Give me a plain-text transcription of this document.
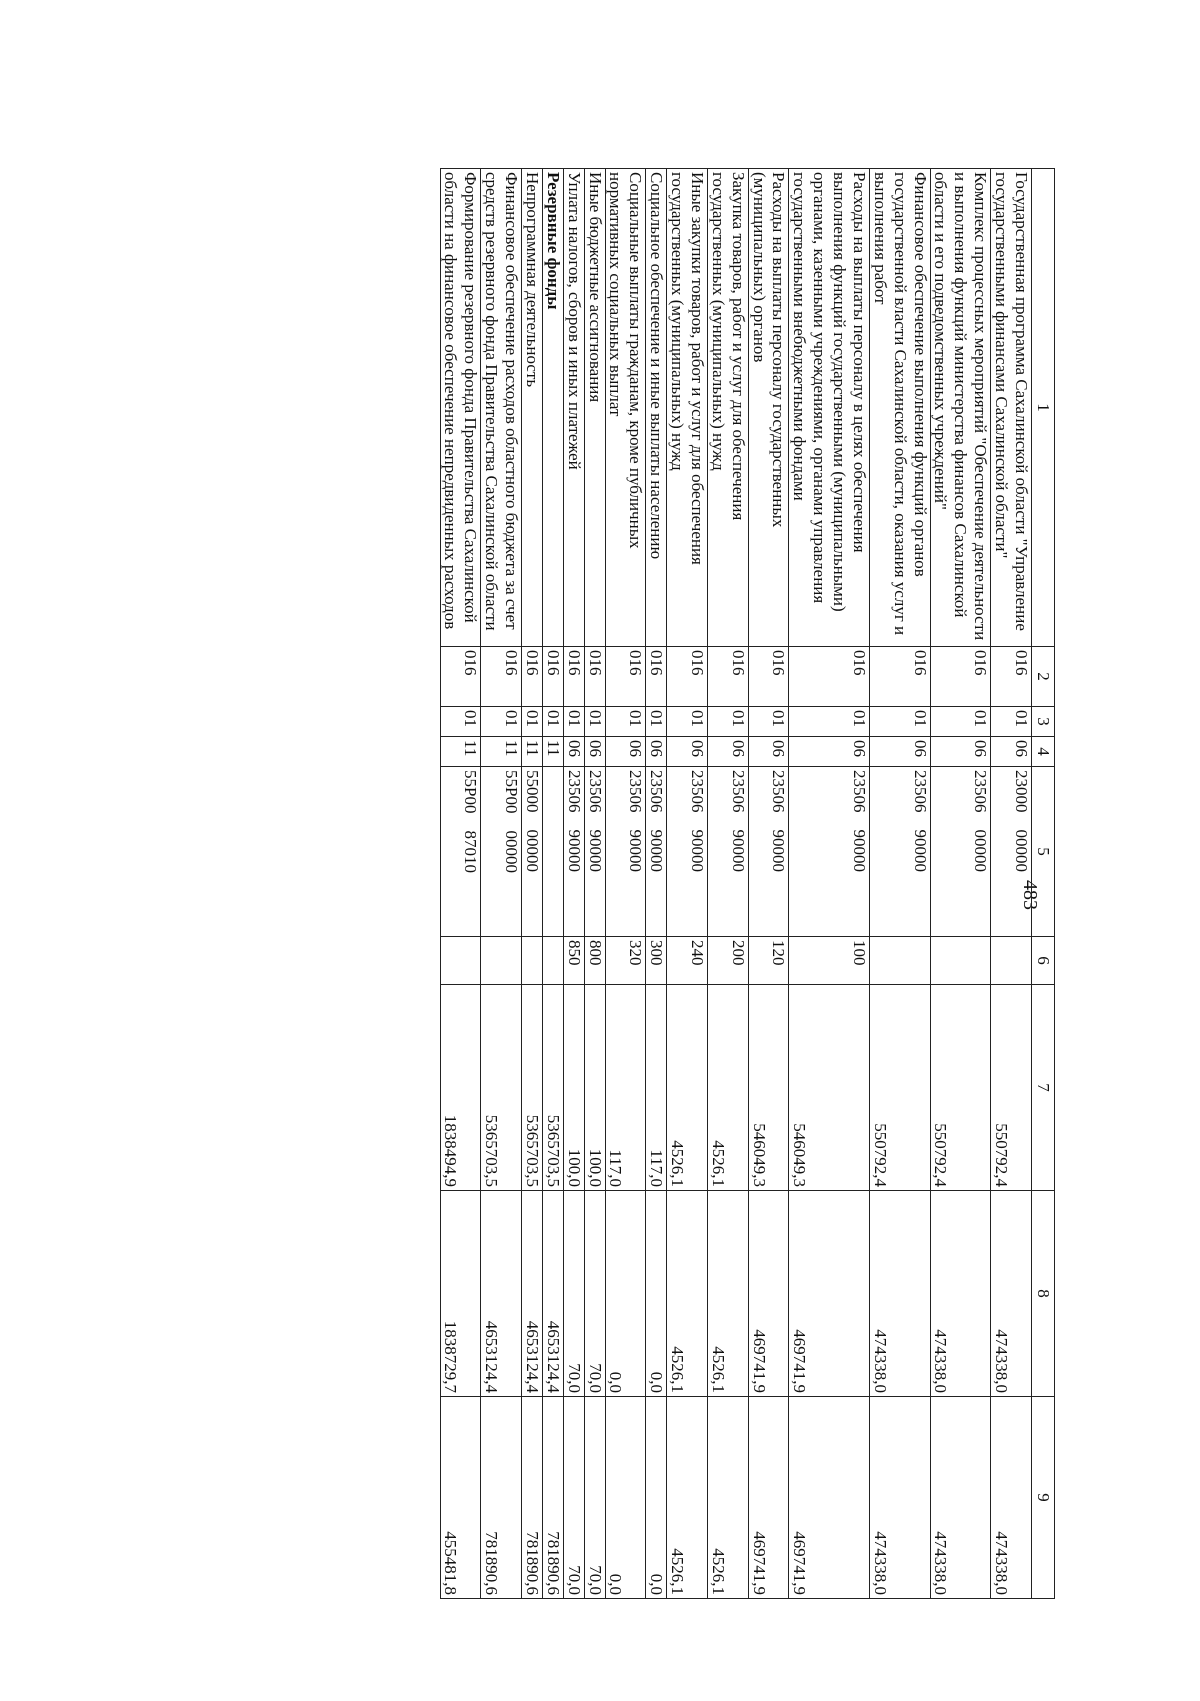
483
1	2	3	4	5	6	7	8	9
Государственная программа Сахалинской области "Управление государственными финансами Сахалинской области"	016	01	06	23000    00000		550792,4	474338,0	474338,0
Комплекс процессных мероприятий "Обеспечение деятельности и выполнения функций министерства финансов Сахалинской области и его подведомственных учреждений"	016	01	06	23506    00000		550792,4	474338,0	474338,0
Финансовое обеспечение выполнения функций органов государственной власти Сахалинской области, оказания услуг и выполнения работ	016	01	06	23506    90000		550792,4	474338,0	474338,0
Расходы на выплаты персоналу в целях обеспечения выполнения функций государственными (муниципальными) органами, казенными учреждениями, органами управления государственными внебюджетными фондами	016	01	06	23506    90000	100	546049,3	469741,9	469741,9
Расходы на выплаты персоналу государственных (муниципальных) органов	016	01	06	23506    90000	120	546049,3	469741,9	469741,9
Закупка товаров, работ и услуг для обеспечения государственных (муниципальных) нужд	016	01	06	23506    90000	200	4526,1	4526,1	4526,1
Иные закупки товаров, работ и услуг для обеспечения государственных (муниципальных) нужд	016	01	06	23506    90000	240	4526,1	4526,1	4526,1
Социальное обеспечение и иные выплаты населению	016	01	06	23506    90000	300	117,0	0,0	0,0
Социальные выплаты гражданам, кроме публичных нормативных социальных выплат	016	01	06	23506    90000	320	117,0	0,0	0,0
Иные бюджетные ассигнования	016	01	06	23506    90000	800	100,0	70,0	70,0
Уплата налогов, сборов и иных платежей	016	01	06	23506    90000	850	100,0	70,0	70,0
Резервные фонды	016	01	11			5365703,5	4653124,4	781890,6
Непрограммная деятельность	016	01	11	55000    00000		5365703,5	4653124,4	781890,6
Финансовое обеспечение расходов областного бюджета за счет средств резервного фонда Правительства Сахалинской области	016	01	11	55Р00    00000		5365703,5	4653124,4	781890,6
Формирование резервного фонда Правительства Сахалинской области на финансовое обеспечение непредвиденных расходов	016	01	11	55Р00    87010		1838494,9	1838729,7	455481,8
